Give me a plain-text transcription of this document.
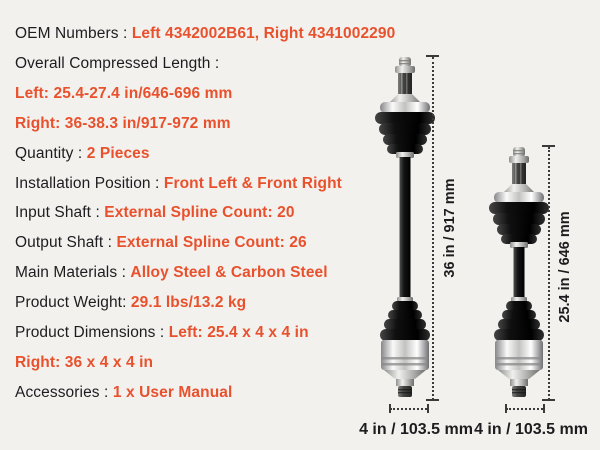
OEM Numbers : Left 4342002B61, Right 4341002290
Overall Compressed Length :
Left: 25.4-27.4 in/646-696 mm
Right: 36-38.3 in/917-972 mm
Quantity : 2 Pieces
Installation Position : Front Left & Front Right
Input Shaft : External Spline Count: 20
Output Shaft : External Spline Count: 26
Main Materials : Alloy Steel & Carbon Steel
Product Weight: 29.1 lbs/13.2 kg
Product Dimensions : Left: 25.4 x 4 x 4 in
Right: 36 x 4 x 4 in
Accessories : 1 x User Manual
36 in / 917 mm	25.4 in / 646 mm
4 in / 103.5 mm 4 in / 103.5 mm
